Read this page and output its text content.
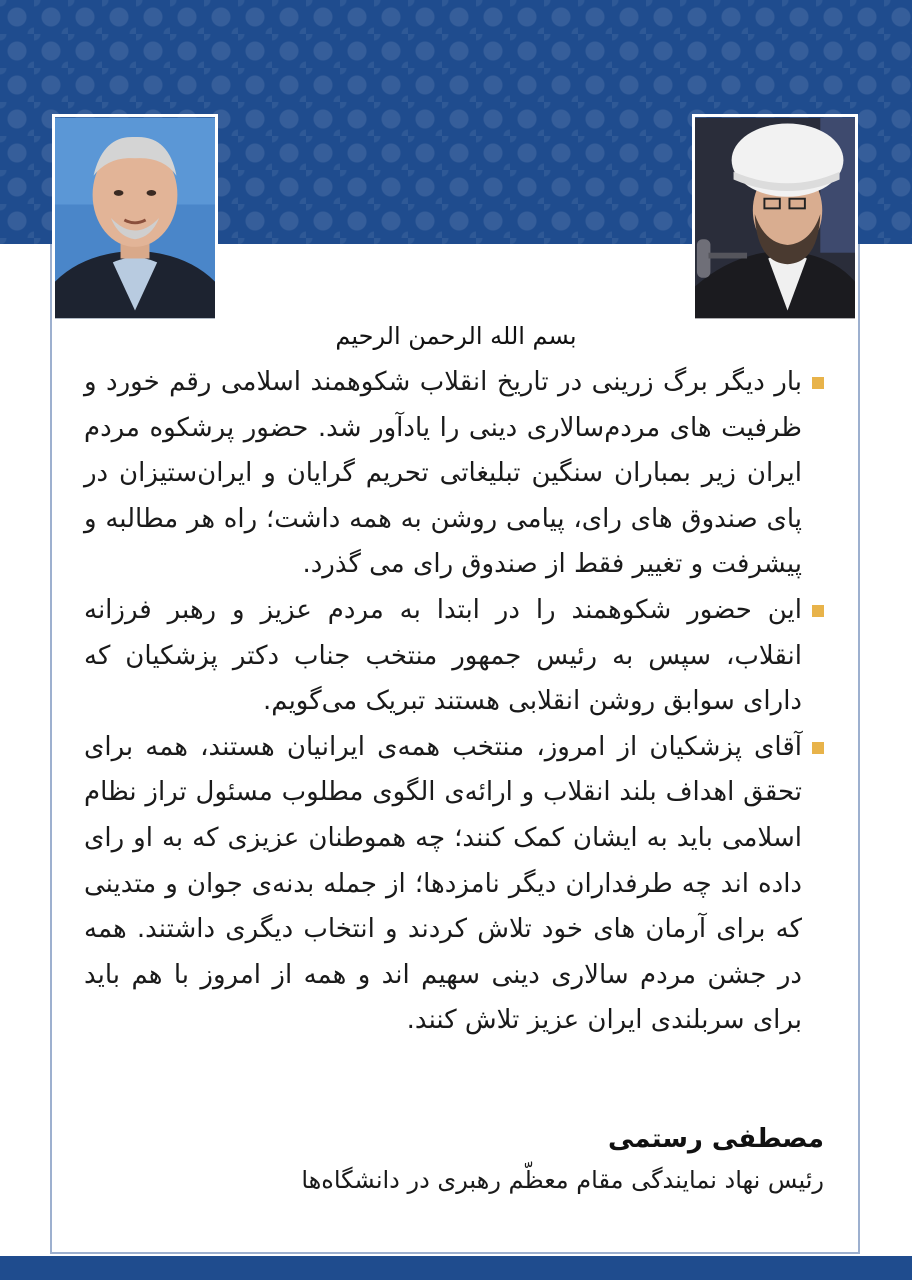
بسم الله الرحمن الرحیم

بار دیگر برگ زرینی در تاریخ انقلاب شکوهمند اسلامی رقم خورد و ظرفیت های مردم‌سالاری دینی را یادآور شد. حضور پرشکوه مردم ایران زیر بمباران سنگین تبلیغاتی تحریم گرایان و ایران‌ستیزان در پای صندوق های رای، پیامی روشن به همه داشت؛ راه هر مطالبه و پیشرفت و تغییر فقط از صندوق رای می گذرد.

این حضور شکوهمند را در ابتدا به مردم عزیز و رهبر فرزانه انقلاب، سپس به رئیس جمهور منتخب جناب دکتر پزشکیان که دارای سوابق روشن انقلابی هستند تبریک می‌گویم.

آقای پزشکیان از امروز، منتخب همه‌ی ایرانیان هستند، همه برای تحقق اهداف بلند انقلاب و ارائه‌ی الگوی مطلوب مسئول تراز نظام اسلامی باید به ایشان کمک کنند؛ چه هموطنان عزیزی که به او رای داده اند چه طرفداران دیگر نامزدها؛ از جمله بدنه‌ی جوان و متدینی که برای آرمان های خود تلاش کردند و انتخاب دیگری داشتند. همه در جشن مردم سالاری دینی سهیم اند و همه از امروز با هم باید برای سربلندی ایران عزیز تلاش کنند.

مصطفی رستمی
رئیس نهاد نمایندگی مقام معظّم رهبری در دانشگاه‌ها
